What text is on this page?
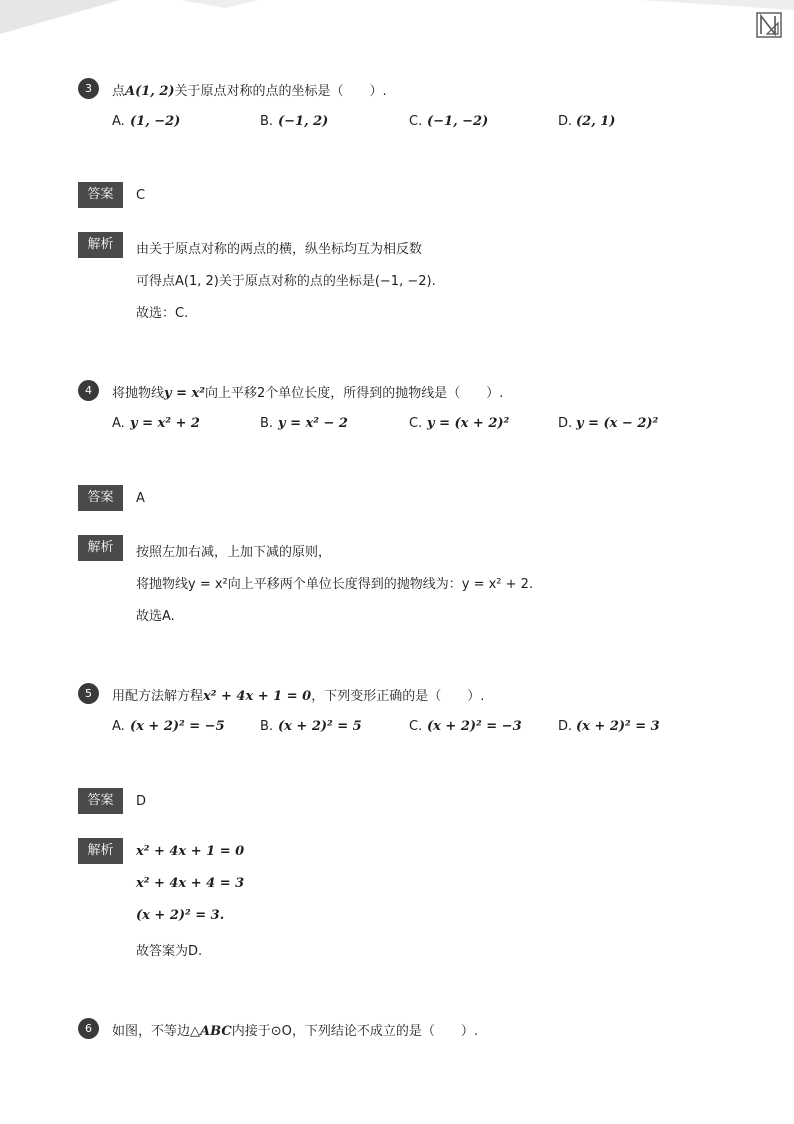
3	点A(1, 2)关于原点对称的点的坐标是（　　）.
A. (1, −2)	B. (−1, 2)	C. (−1, −2)	D. (2, 1)
答案	C
解析	由关于原点对称的两点的横，纵坐标均互为相反数
可得点A(1, 2)关于原点对称的点的坐标是(−1, −2).
故选：C.
4	将抛物线y = x²向上平移2个单位长度，所得到的抛物线是（　　）.
A. y = x² + 2	B. y = x² − 2	C. y = (x + 2)²	D. y = (x − 2)²
答案	A
解析	按照左加右减，上加下减的原则，
将抛物线y = x²向上平移两个单位长度得到的抛物线为：y = x² + 2.
故选A.
5	用配方法解方程x² + 4x + 1 = 0，下列变形正确的是（　　）.
A. (x + 2)² = −5	B. (x + 2)² = 5	C. (x + 2)² = −3	D. (x + 2)² = 3
答案	D
解析	x² + 4x + 1 = 0
x² + 4x + 4 = 3
(x + 2)² = 3.
故答案为D.
6	如图，不等边△ABC内接于⊙O，下列结论不成立的是（　　）.
